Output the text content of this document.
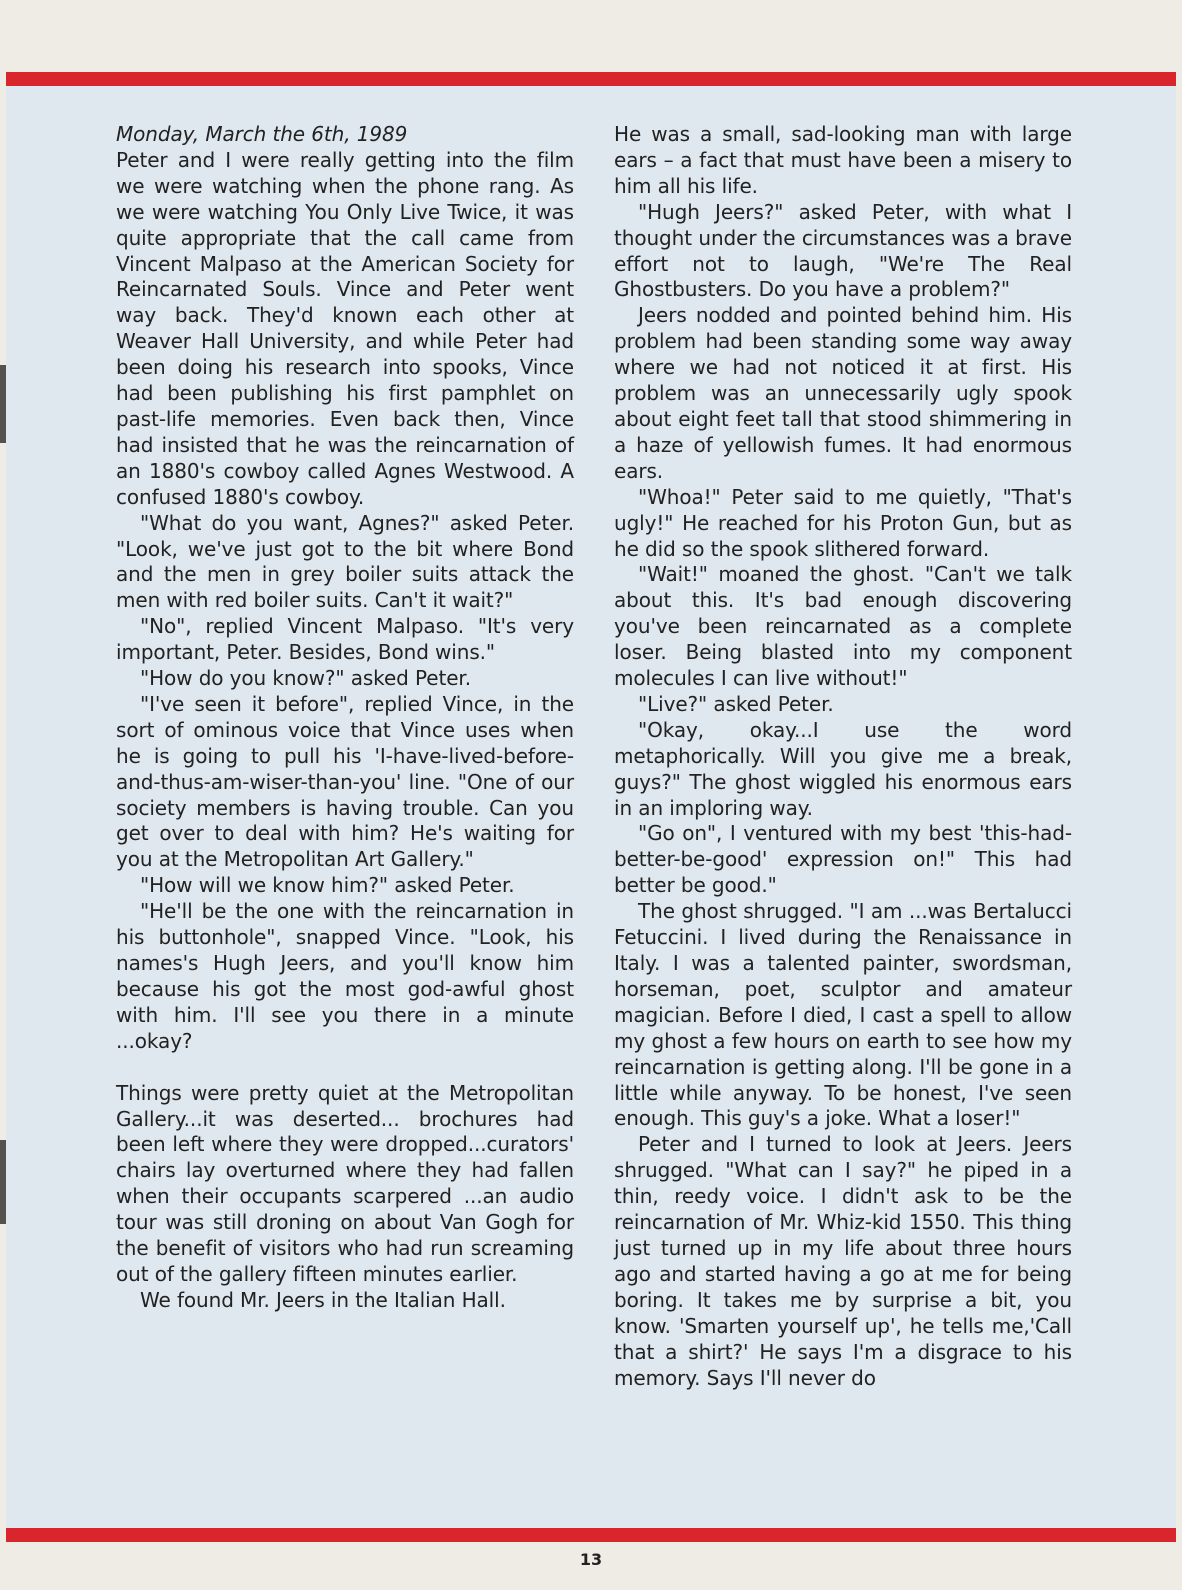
Monday, March the 6th, 1989

Peter and I were really getting into the film we were watching when the phone rang. As we were watching You Only Live Twice, it was quite appropriate that the call came from Vincent Malpaso at the American Society for Reincarnated Souls. Vince and Peter went way back. They'd known each other at Weaver Hall University, and while Peter had been doing his research into spooks, Vince had been publishing his first pamphlet on past-life memories. Even back then, Vince had insisted that he was the reincarnation of an 1880's cowboy called Agnes Westwood. A confused 1880's cowboy.

"What do you want, Agnes?" asked Peter. "Look, we've just got to the bit where Bond and the men in grey boiler suits attack the men with red boiler suits. Can't it wait?"

"No", replied Vincent Malpaso. "It's very important, Peter. Besides, Bond wins."

"How do you know?" asked Peter.

"I've seen it before", replied Vince, in the sort of ominous voice that Vince uses when he is going to pull his 'I-have-lived-before-and-thus-am-wiser-than-you' line. "One of our society members is having trouble. Can you get over to deal with him? He's waiting for you at the Metropolitan Art Gallery."

"How will we know him?" asked Peter.

"He'll be the one with the reincarnation in his buttonhole", snapped Vince. "Look, his names's Hugh Jeers, and you'll know him because his got the most god-awful ghost with him. I'll see you there in a minute ...okay?

Things were pretty quiet at the Metropolitan Gallery...it was deserted... brochures had been left where they were dropped...curators' chairs lay overturned where they had fallen when their occupants scarpered ...an audio tour was still droning on about Van Gogh for the benefit of visitors who had run screaming out of the gallery fifteen minutes earlier.

We found Mr. Jeers in the Italian Hall.

He was a small, sad-looking man with large ears – a fact that must have been a misery to him all his life.

"Hugh Jeers?" asked Peter, with what I thought under the circumstances was a brave effort not to laugh, "We're The Real Ghostbusters. Do you have a problem?"

Jeers nodded and pointed behind him. His problem had been standing some way away where we had not noticed it at first. His problem was an unnecessarily ugly spook about eight feet tall that stood shimmering in a haze of yellowish fumes. It had enormous ears.

"Whoa!" Peter said to me quietly, "That's ugly!" He reached for his Proton Gun, but as he did so the spook slithered forward.

"Wait!" moaned the ghost. "Can't we talk about this. It's bad enough discovering you've been reincarnated as a complete loser. Being blasted into my component molecules I can live without!"

"Live?" asked Peter.

"Okay, okay...I use the word metaphorically. Will you give me a break, guys?" The ghost wiggled his enormous ears in an imploring way.

"Go on", I ventured with my best 'this-had-better-be-good' expression on!" This had better be good."

The ghost shrugged. "I am ...was Bertalucci Fetuccini. I lived during the Renaissance in Italy. I was a talented painter, swordsman, horseman, poet, sculptor and amateur magician. Before I died, I cast a spell to allow my ghost a few hours on earth to see how my reincarnation is getting along. I'll be gone in a little while anyway. To be honest, I've seen enough. This guy's a joke. What a loser!"

Peter and I turned to look at Jeers. Jeers shrugged. "What can I say?" he piped in a thin, reedy voice. I didn't ask to be the reincarnation of Mr. Whiz-kid 1550. This thing just turned up in my life about three hours ago and started having a go at me for being boring. It takes me by surprise a bit, you know. 'Smarten yourself up', he tells me,'Call that a shirt?' He says I'm a disgrace to his memory. Says I'll never do

13
